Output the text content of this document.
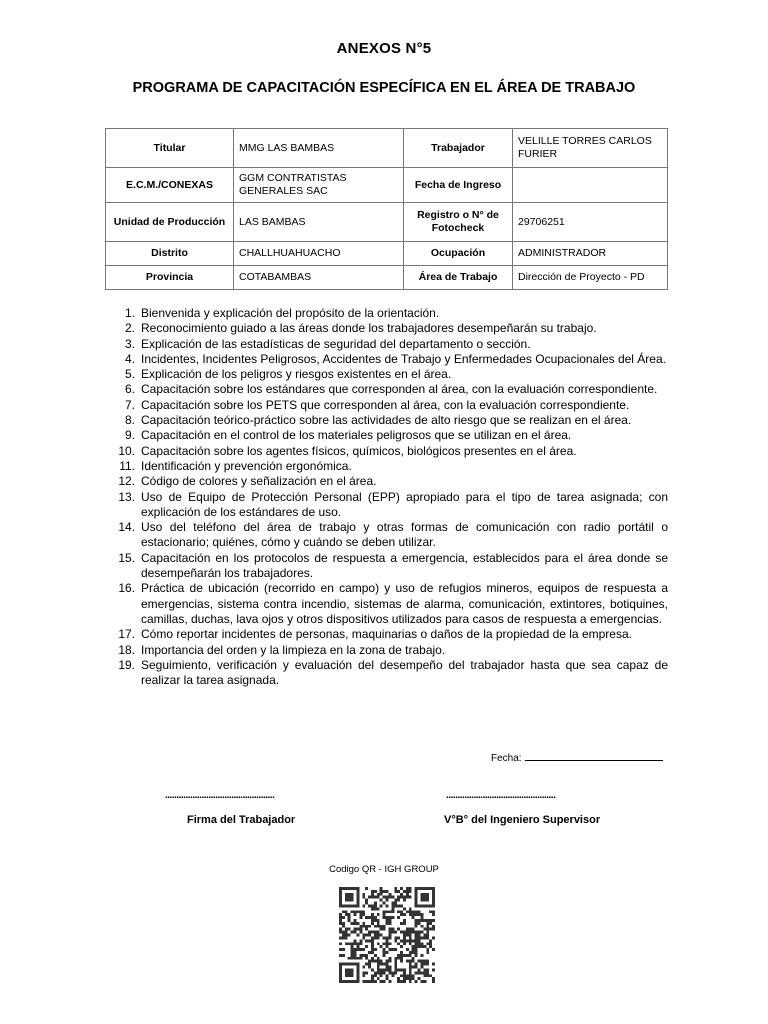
ANEXOS N°5
PROGRAMA DE CAPACITACIÓN ESPECÍFICA EN EL ÁREA DE TRABAJO
Titular	MMG LAS BAMBAS	Trabajador	VELILLE TORRES CARLOS FURIER
E.C.M./CONEXAS	GGM CONTRATISTAS GENERALES SAC	Fecha de Ingreso	
Unidad de Producción	LAS BAMBAS	Registro o N° de Fotocheck	29706251
Distrito	CHALLHUAHUACHO	Ocupación	ADMINISTRADOR
Provincia	COTABAMBAS	Área de Trabajo	Dirección de Proyecto - PD
1. Bienvenida y explicación del propósito de la orientación.
2. Reconocimiento guiado a las áreas donde los trabajadores desempeñarán su trabajo.
3. Explicación de las estadísticas de seguridad del departamento o sección.
4. Incidentes, Incidentes Peligrosos, Accidentes de Trabajo y Enfermedades Ocupacionales del Área.
5. Explicación de los peligros y riesgos existentes en el área.
6. Capacitación sobre los estándares que corresponden al área, con la evaluación correspondiente.
7. Capacitación sobre los PETS que corresponden al área, con la evaluación correspondiente.
8. Capacitación teórico-práctico sobre las actividades de alto riesgo que se realizan en el área.
9. Capacitación en el control de los materiales peligrosos que se utilizan en el área.
10. Capacitación sobre los agentes físicos, químicos, biológicos presentes en el área.
11. Identificación y prevención ergonómica.
12. Código de colores y señalización en el área.
13. Uso de Equipo de Protección Personal (EPP) apropiado para el tipo de tarea asignada; con explicación de los estándares de uso.
14. Uso del teléfono del área de trabajo y otras formas de comunicación con radio portátil o estacionario; quiénes, cómo y cuándo se deben utilizar.
15. Capacitación en los protocolos de respuesta a emergencia, establecidos para el área donde se desempeñarán los trabajadores.
16. Práctica de ubicación (recorrido en campo) y uso de refugios mineros, equipos de respuesta a emergencias, sistema contra incendio, sistemas de alarma, comunicación, extintores, botiquines, camillas, duchas, lava ojos y otros dispositivos utilizados para casos de respuesta a emergencias.
17. Cómo reportar incidentes de personas, maquinarias o daños de la propiedad de la empresa.
18. Importancia del orden y la limpieza en la zona de trabajo.
19. Seguimiento, verificación y evaluación del desempeño del trabajador hasta que sea capaz de realizar la tarea asignada.
Fecha:
................................................	................................................
Firma del Trabajador	V°B° del Ingeniero Supervisor
Codigo QR - IGH GROUP
